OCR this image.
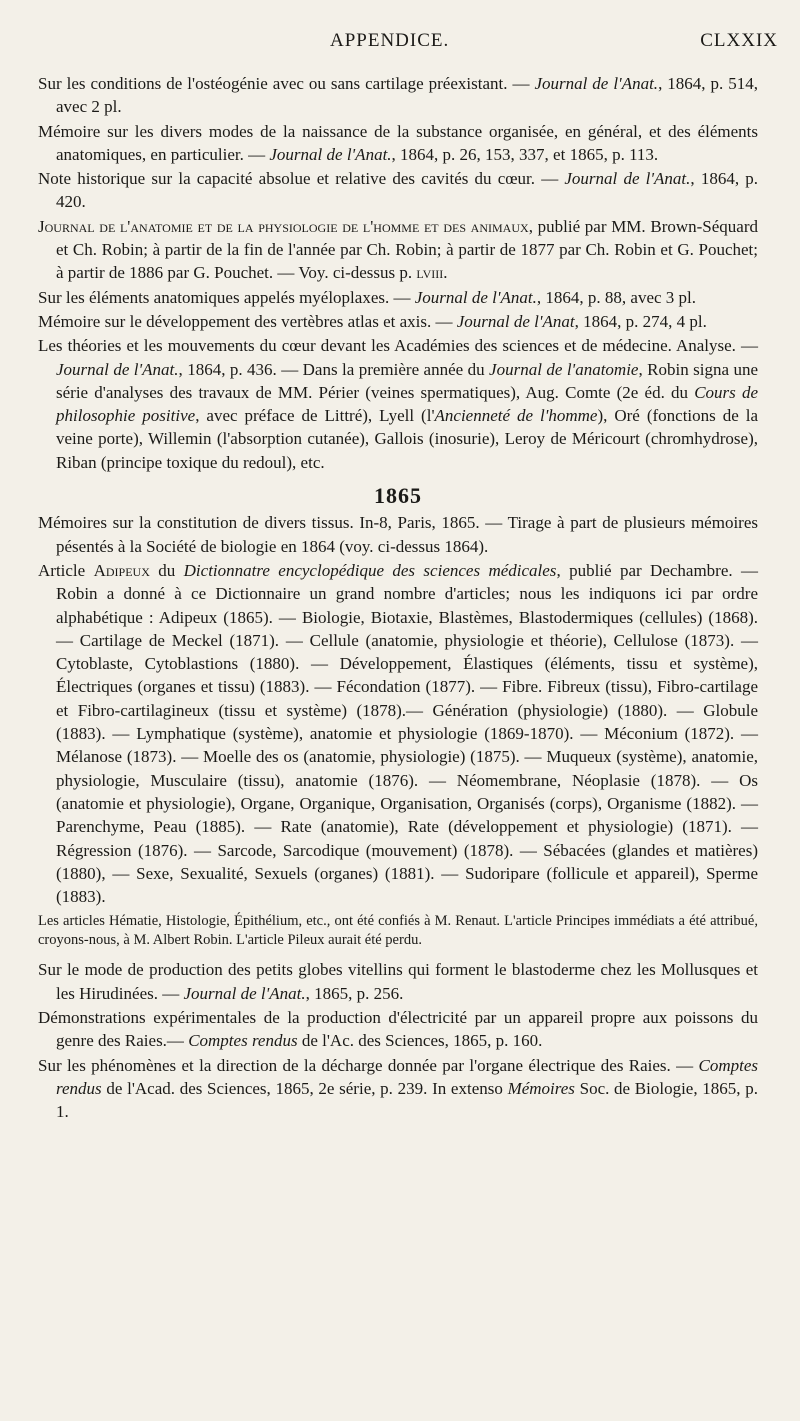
APPENDICE.	CLXXIX

Sur les conditions de l'ostéogénie avec ou sans cartilage préexistant. — Journal de l'Anat., 1864, p. 514, avec 2 pl.

Mémoire sur les divers modes de la naissance de la substance organisée, en général, et des éléments anatomiques, en particulier. — Journal de l'Anat., 1864, p. 26, 153, 337, et 1865, p. 113.

Note historique sur la capacité absolue et relative des cavités du cœur. — Journal de l'Anat., 1864, p. 420.

Journal de l'anatomie et de la physiologie de l'homme et des animaux, publié par MM. Brown-Séquard et Ch. Robin; à partir de la fin de l'année par Ch. Robin; à partir de 1877 par Ch. Robin et G. Pouchet; à partir de 1886 par G. Pouchet. — Voy. ci-dessus p. lviii.

Sur les éléments anatomiques appelés myéloplaxes. — Journal de l'Anat., 1864, p. 88, avec 3 pl.

Mémoire sur le développement des vertèbres atlas et axis. — Journal de l'Anat, 1864, p. 274, 4 pl.

Les théories et les mouvements du cœur devant les Académies des sciences et de médecine. Analyse. — Journal de l'Anat., 1864, p. 436. — Dans la première année du Journal de l'anatomie, Robin signa une série d'analyses des travaux de MM. Périer (veines spermatiques), Aug. Comte (2e éd. du Cours de philosophie positive, avec préface de Littré), Lyell (l'Ancienneté de l'homme), Oré (fonctions de la veine porte), Willemin (l'absorption cutanée), Gallois (inosurie), Leroy de Méricourt (chromhydrose), Riban (principe toxique du redoul), etc.

1865

Mémoires sur la constitution de divers tissus. In-8, Paris, 1865. — Tirage à part de plusieurs mémoires pésentés à la Société de biologie en 1864 (voy. ci-dessus 1864).

Article Adipeux du Dictionnatre encyclopédique des sciences médicales, publié par Dechambre. — Robin a donné à ce Dictionnaire un grand nombre d'articles; nous les indiquons ici par ordre alphabétique : Adipeux (1865). — Biologie, Biotaxie, Blastèmes, Blastodermiques (cellules) (1868). — Cartilage de Meckel (1871). — Cellule (anatomie, physiologie et théorie), Cellulose (1873). — Cytoblaste, Cytoblastions (1880). — Développement, Élastiques (éléments, tissu et système), Électriques (organes et tissu) (1883). — Fécondation (1877). — Fibre. Fibreux (tissu), Fibro-cartilage et Fibro-cartilagineux (tissu et système) (1878).— Génération (physiologie) (1880). — Globule (1883). — Lymphatique (système), anatomie et physiologie (1869-1870). — Méconium (1872). — Mélanose (1873). — Moelle des os (anatomie, physiologie) (1875). — Muqueux (système), anatomie, physiologie, Musculaire (tissu), anatomie (1876). — Néomembrane, Néoplasie (1878). — Os (anatomie et physiologie), Organe, Organique, Organisation, Organisés (corps), Organisme (1882). — Parenchyme, Peau (1885). — Rate (anatomie), Rate (développement et physiologie) (1871). — Régression (1876). — Sarcode, Sarcodique (mouvement) (1878). — Sébacées (glandes et matières) (1880), — Sexe, Sexualité, Sexuels (organes) (1881). — Sudoripare (follicule et appareil), Sperme (1883).

Les articles Hématie, Histologie, Épithélium, etc., ont été confiés à M. Renaut. L'article Principes immédiats a été attribué, croyons-nous, à M. Albert Robin. L'article Pileux aurait été perdu.

Sur le mode de production des petits globes vitellins qui forment le blastoderme chez les Mollusques et les Hirudinées. — Journal de l'Anat., 1865, p. 256.

Démonstrations expérimentales de la production d'électricité par un appareil propre aux poissons du genre des Raies.— Comptes rendus de l'Ac. des Sciences, 1865, p. 160.

Sur les phénomènes et la direction de la décharge donnée par l'organe électrique des Raies. — Comptes rendus de l'Acad. des Sciences, 1865, 2e série, p. 239. In extenso Mémoires Soc. de Biologie, 1865, p. 1.
